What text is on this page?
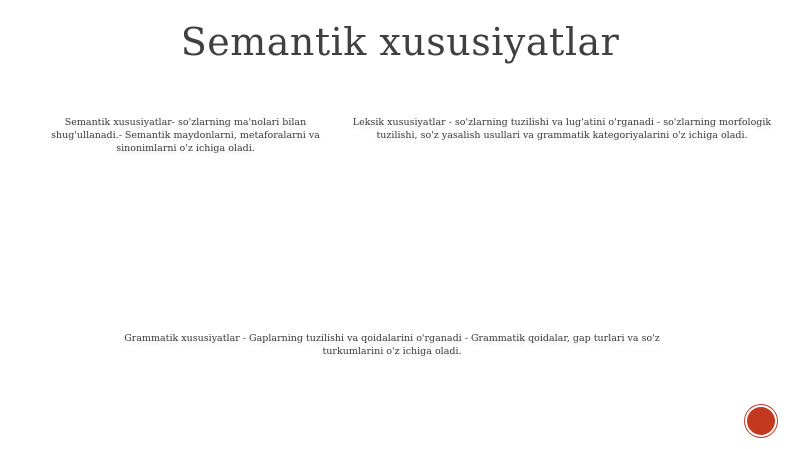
Semantik xususiyatlar
Semantik xususiyatlar- so'zlarning ma'nolari bilan shug'ullanadi.- Semantik maydonlarni, metaforalarni va sinonimlarni o'z ichiga oladi.
Leksik xususiyatlar - so'zlarning tuzilishi va lug'atini o'rganadi - so'zlarning morfologik tuzilishi, so'z yasalish usullari va grammatik kategoriyalarini o'z ichiga oladi.
Grammatik xususiyatlar - Gaplarning tuzilishi va qoidalarini o'rganadi - Grammatik qoidalar, gap turlari va so'z turkumlarini o'z ichiga oladi.
